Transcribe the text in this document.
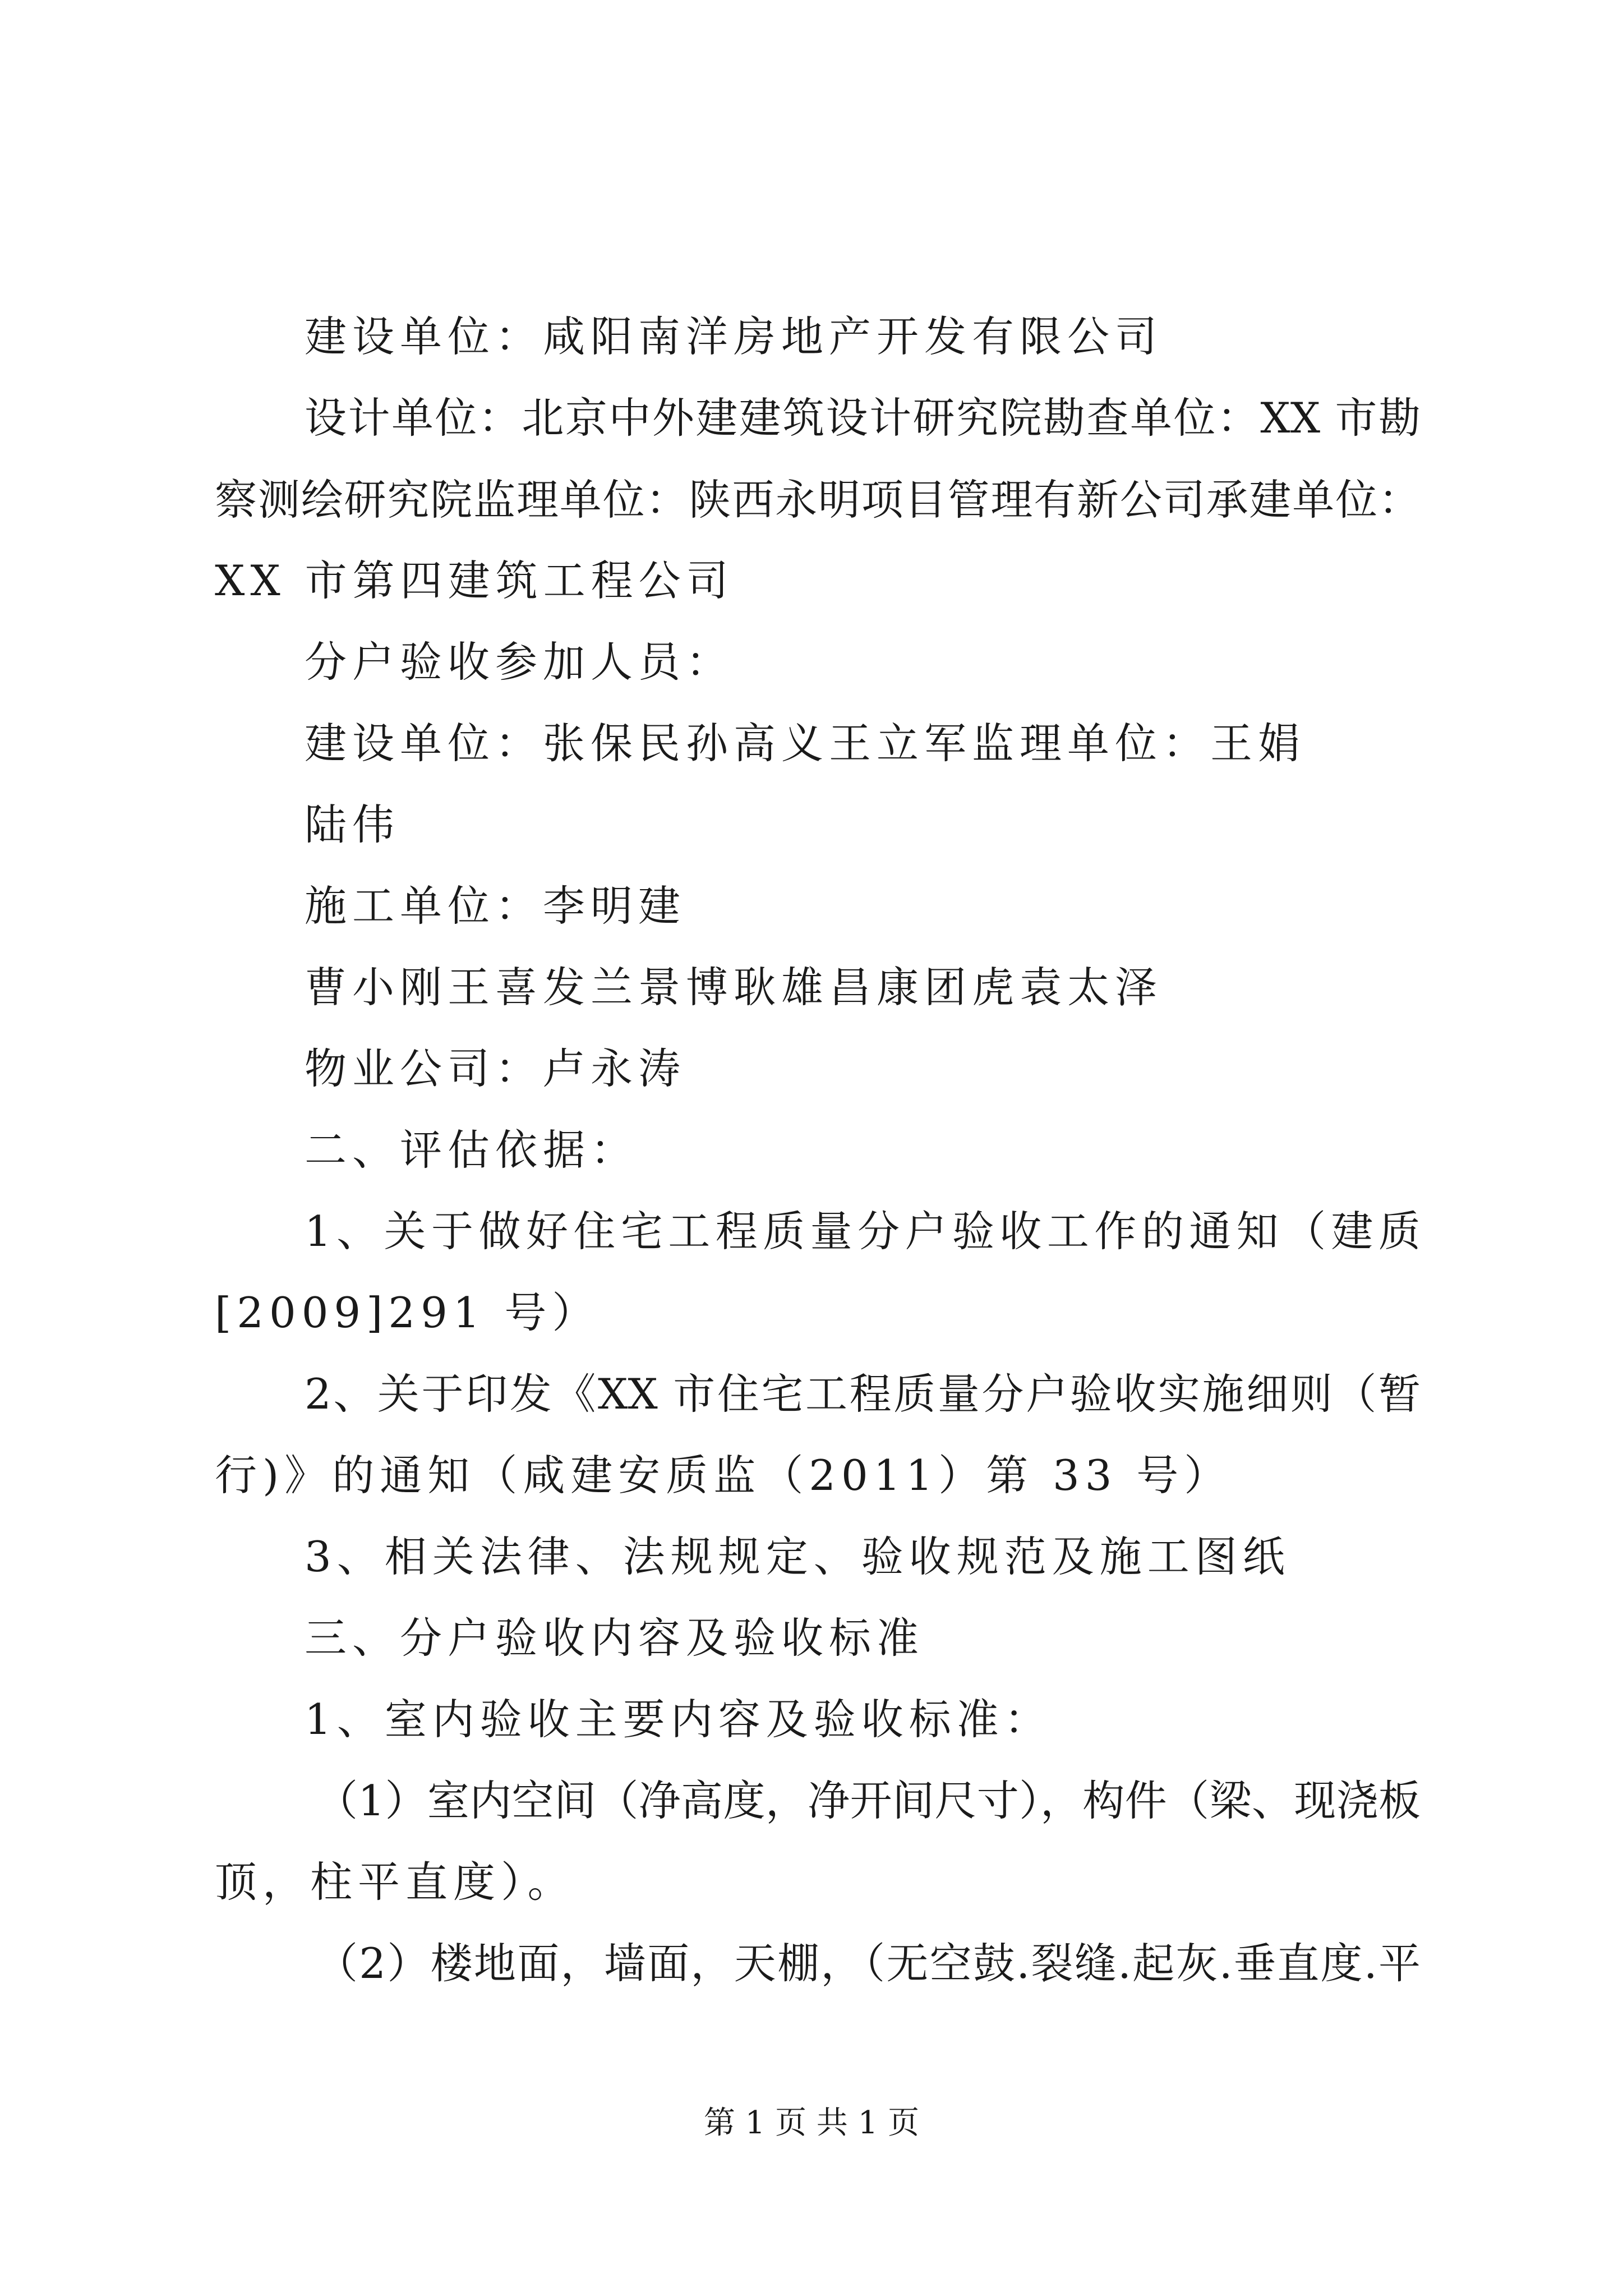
建设单位：咸阳南洋房地产开发有限公司

设计单位：北京中外建建筑设计研究院勘查单位：XX 市勘

察测绘研究院监理单位：陕西永明项目管理有新公司承建单位：

XX 市第四建筑工程公司

分户验收参加人员：

建设单位：张保民孙高义王立军监理单位：王娟

陆伟

施工单位：李明建

曹小刚王喜发兰景博耿雄昌康团虎袁太泽

物业公司：卢永涛

二、评估依据：

1、关于做好住宅工程质量分户验收工作的通知（建质

[2009]291 号）

2、关于印发《XX 市住宅工程质量分户验收实施细则（暂

行)》的通知（咸建安质监（2011）第 33 号）

3、相关法律、法规规定、验收规范及施工图纸

三、分户验收内容及验收标准

1、室内验收主要内容及验收标准：

（1）室内空间（净高度，净开间尺寸），构件（梁、现浇板

顶，柱平直度）。

（2）楼地面，墙面，天棚，（无空鼓.裂缝.起灰.垂直度.平

第 1 页 共 1 页
